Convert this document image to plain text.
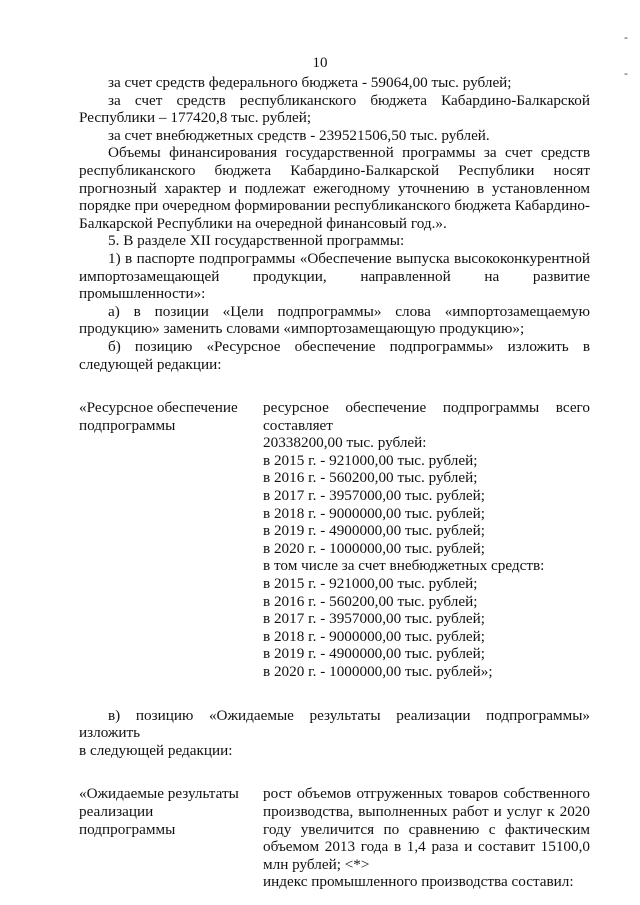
-
-
10

за счет средств федерального бюджета - 59064,00 тыс. рублей;

за счет средств республиканского бюджета Кабардино-Балкарской

Республики – 177420,8 тыс. рублей;

за счет внебюджетных средств - 239521506,50 тыс. рублей.

Объемы финансирования государственной программы за счет средств

республиканского бюджета Кабардино-Балкарской Республики носят

прогнозный характер и подлежат ежегодному уточнению в установленном

порядке при очередном формировании республиканского бюджета Кабардино-

Балкарской Республики на очередной финансовый год.».

5. В разделе XII государственной программы:

1) в паспорте подпрограммы «Обеспечение выпуска высококонкурентной

импортозамещающей продукции, направленной на развитие

промышленности»:

а) в позиции «Цели подпрограммы» слова «импортозамещаемую

продукцию» заменить словами «импортозамещающую продукцию»;

б) позицию «Ресурсное обеспечение подпрограммы» изложить в

следующей редакции:

«Ресурсное обеспечение

подпрограммы

ресурсное обеспечение подпрограммы всего

составляет

20338200,00 тыс. рублей:

в 2015 г. - 921000,00 тыс. рублей;

в 2016 г. - 560200,00 тыс. рублей;

в 2017 г. - 3957000,00 тыс. рублей;

в 2018 г. - 9000000,00 тыс. рублей;

в 2019 г. - 4900000,00 тыс. рублей;

в 2020 г. - 1000000,00 тыс. рублей;

в том числе за счет внебюджетных средств:

в 2015 г. - 921000,00 тыс. рублей;

в 2016 г. - 560200,00 тыс. рублей;

в 2017 г. - 3957000,00 тыс. рублей;

в 2018 г. - 9000000,00 тыс. рублей;

в 2019 г. - 4900000,00 тыс. рублей;

в 2020 г. - 1000000,00 тыс. рублей»;

в) позицию «Ожидаемые результаты реализации подпрограммы» изложить

в следующей редакции:

«Ожидаемые результаты

реализации

подпрограммы

рост объемов отгруженных товаров собственного

производства, выполненных работ и услуг к 2020

году увеличится по сравнению с фактическим

объемом 2013 года в 1,4 раза и составит 15100,0

млн рублей; <*>

индекс промышленного производства составил:
